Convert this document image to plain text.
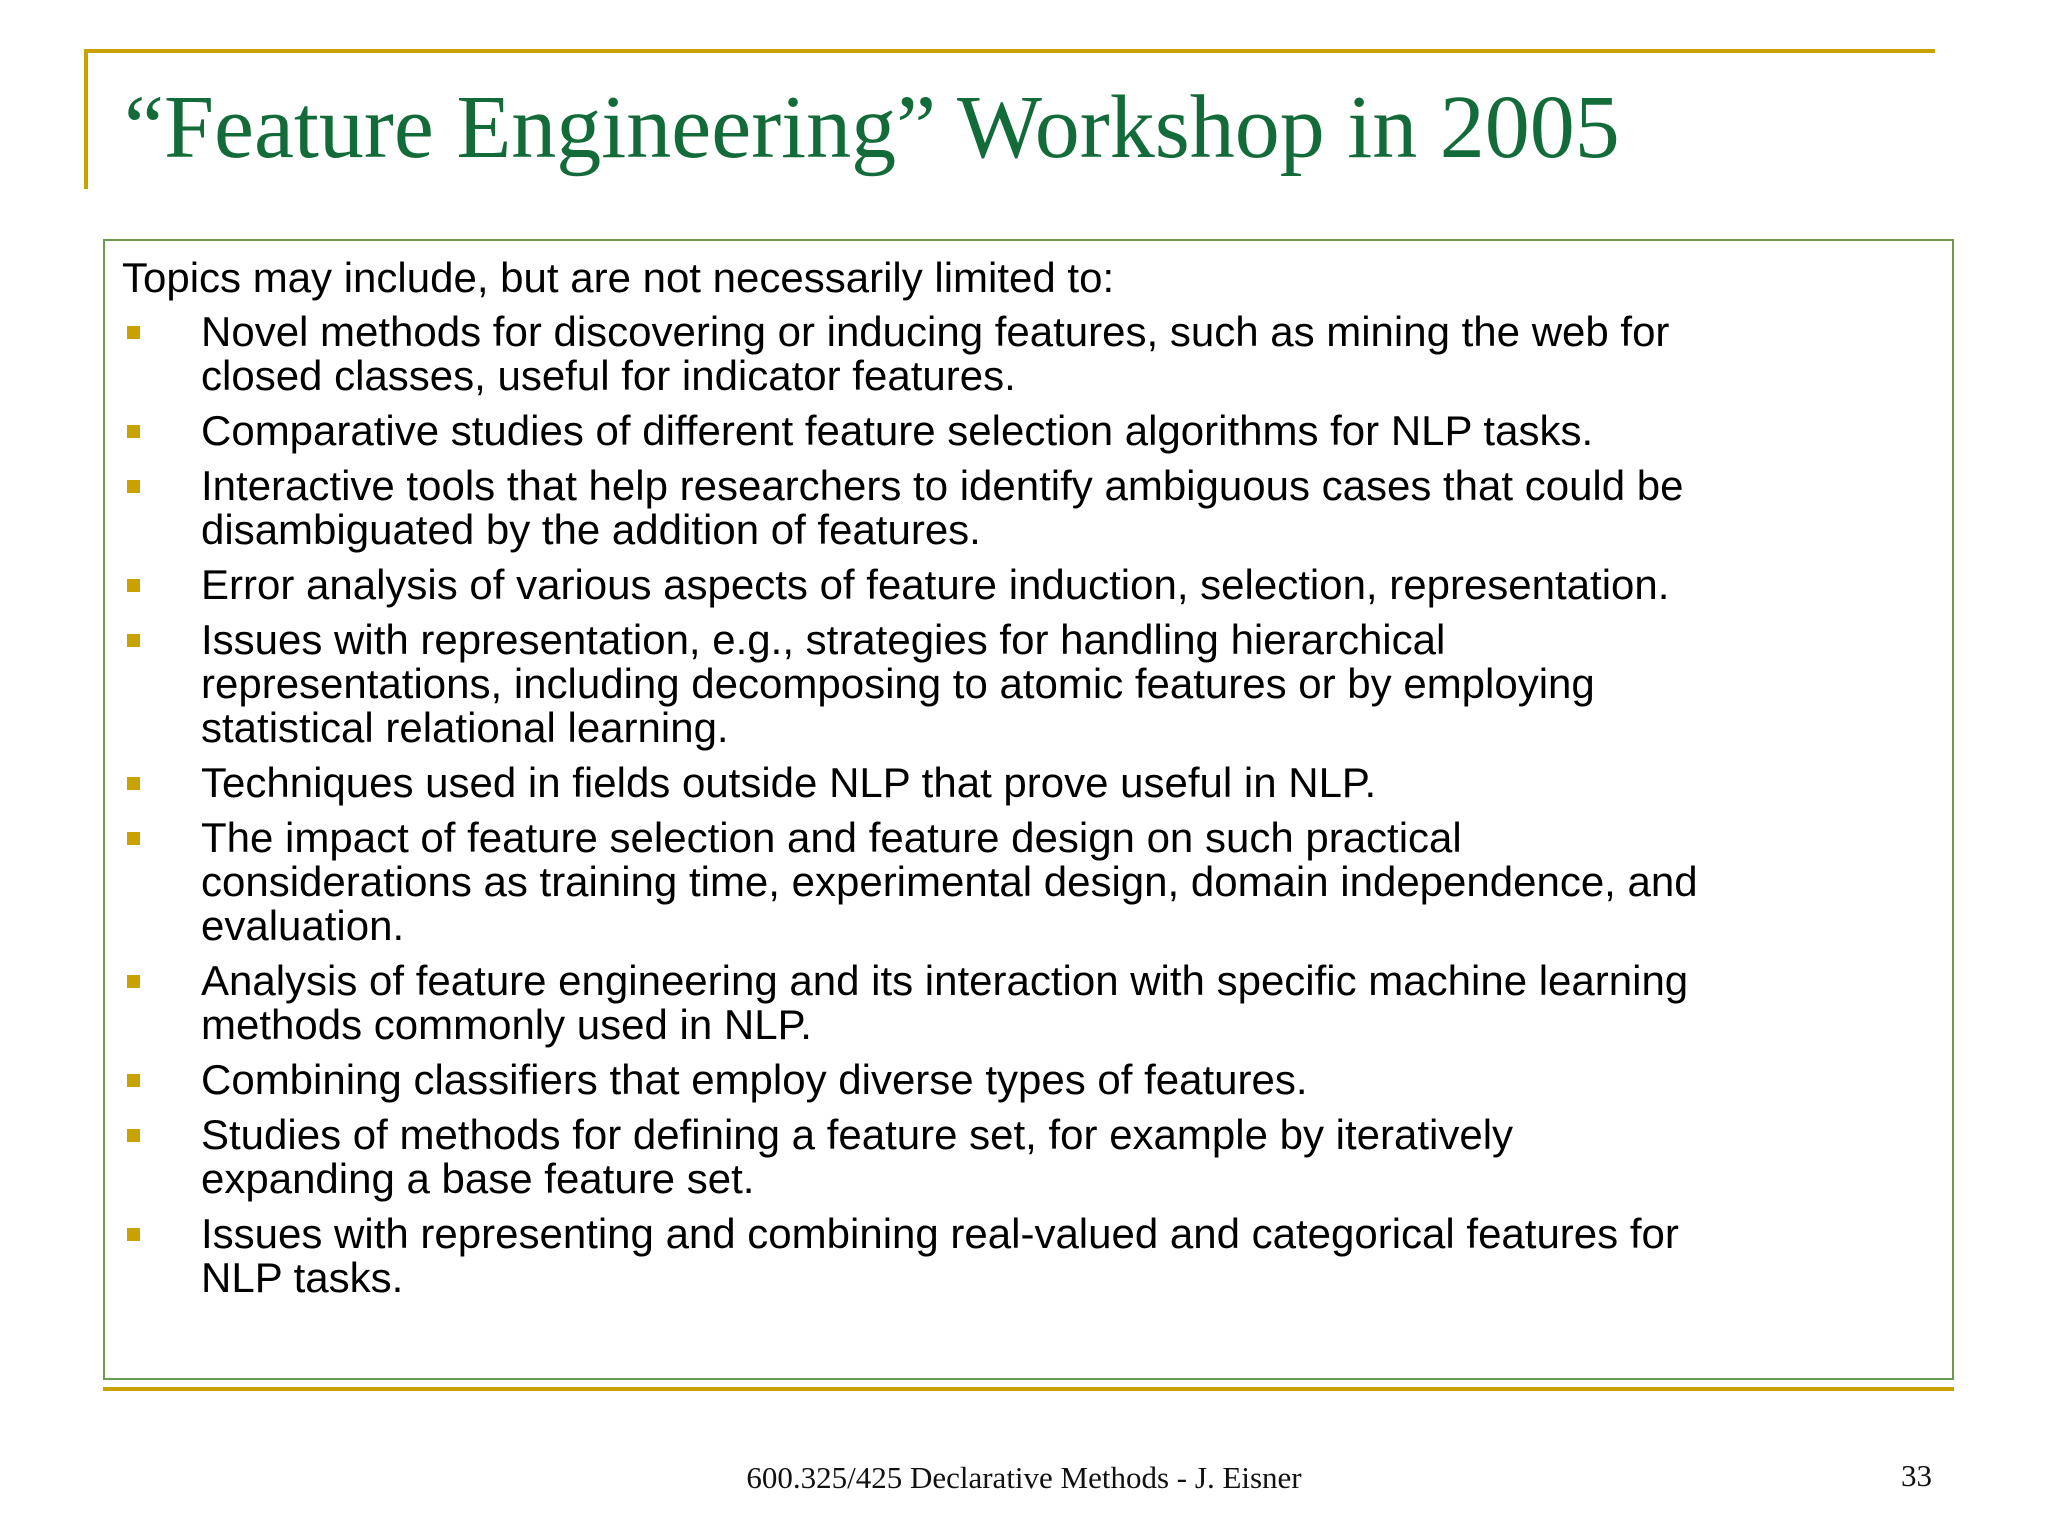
“Feature Engineering” Workshop in 2005
Topics may include, but are not necessarily limited to:
Novel methods for discovering or inducing features, such as mining the web for
closed classes, useful for indicator features.
Comparative studies of different feature selection algorithms for NLP tasks.
Interactive tools that help researchers to identify ambiguous cases that could be
disambiguated by the addition of features.
Error analysis of various aspects of feature induction, selection, representation.
Issues with representation, e.g., strategies for handling hierarchical
representations, including decomposing to atomic features or by employing
statistical relational learning.
Techniques used in fields outside NLP that prove useful in NLP.
The impact of feature selection and feature design on such practical
considerations as training time, experimental design, domain independence, and
evaluation.
Analysis of feature engineering and its interaction with specific machine learning
methods commonly used in NLP.
Combining classifiers that employ diverse types of features.
Studies of methods for defining a feature set, for example by iteratively
expanding a base feature set.
Issues with representing and combining real-valued and categorical features for
NLP tasks.
600.325/425 Declarative Methods - J. Eisner	33
